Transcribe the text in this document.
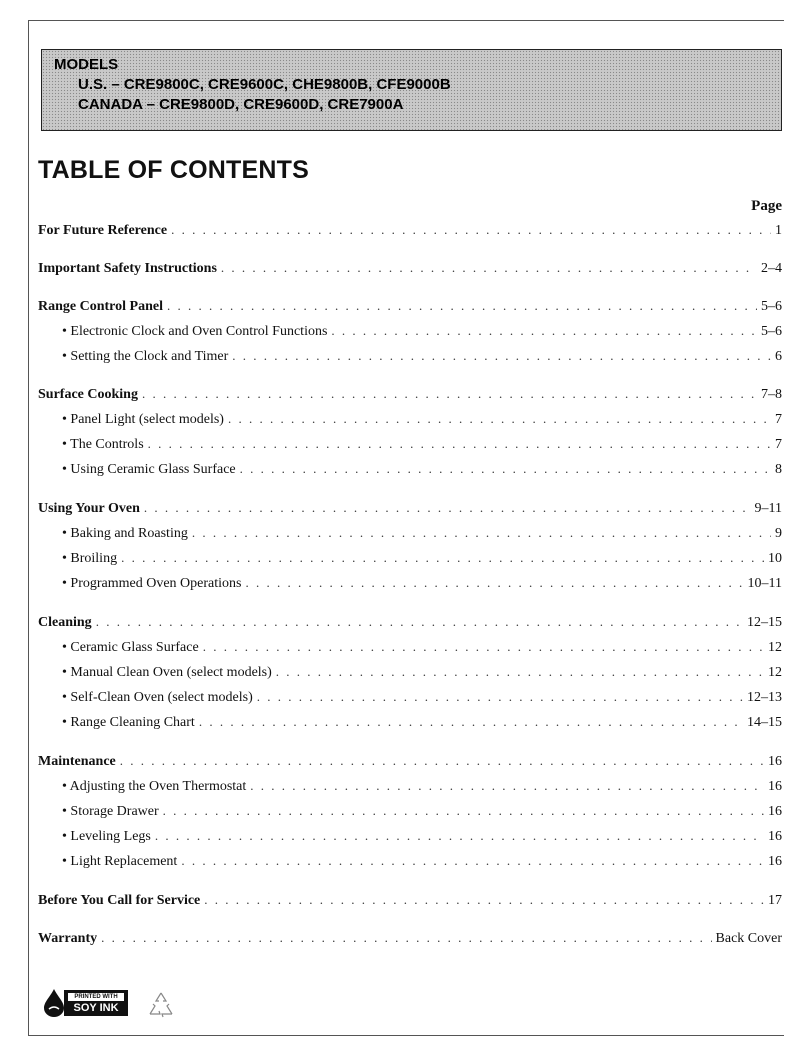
MODELS
U.S. – CRE9800C, CRE9600C, CHE9800B, CFE9000B
CANADA – CRE9800D, CRE9600D, CRE7900A
TABLE OF CONTENTS
Page
For Future Reference . . .	1
Important Safety Instructions . . .	2–4
Range Control Panel . . .	5–6
• Electronic Clock and Oven Control Functions . . .	5–6
• Setting the Clock and Timer . . .	6
Surface Cooking . . .	7–8
• Panel Light (select models) . . .	7
• The Controls . . .	7
• Using Ceramic Glass Surface . . .	8
Using Your Oven . . .	9–11
• Baking and Roasting . . .	9
• Broiling . . .	10
• Programmed Oven Operations . . .	10–11
Cleaning . . .	12–15
• Ceramic Glass Surface . . .	12
• Manual Clean Oven (select models) . . .	12
• Self-Clean Oven (select models) . . .	12–13
• Range Cleaning Chart . . .	14–15
Maintenance . . .	16
• Adjusting the Oven Thermostat . . .	16
• Storage Drawer . . .	16
• Leveling Legs . . .	16
• Light Replacement . . .	16
Before You Call for Service . . .	17
Warranty . . .	Back Cover
PRINTED WITH
SOY INK
